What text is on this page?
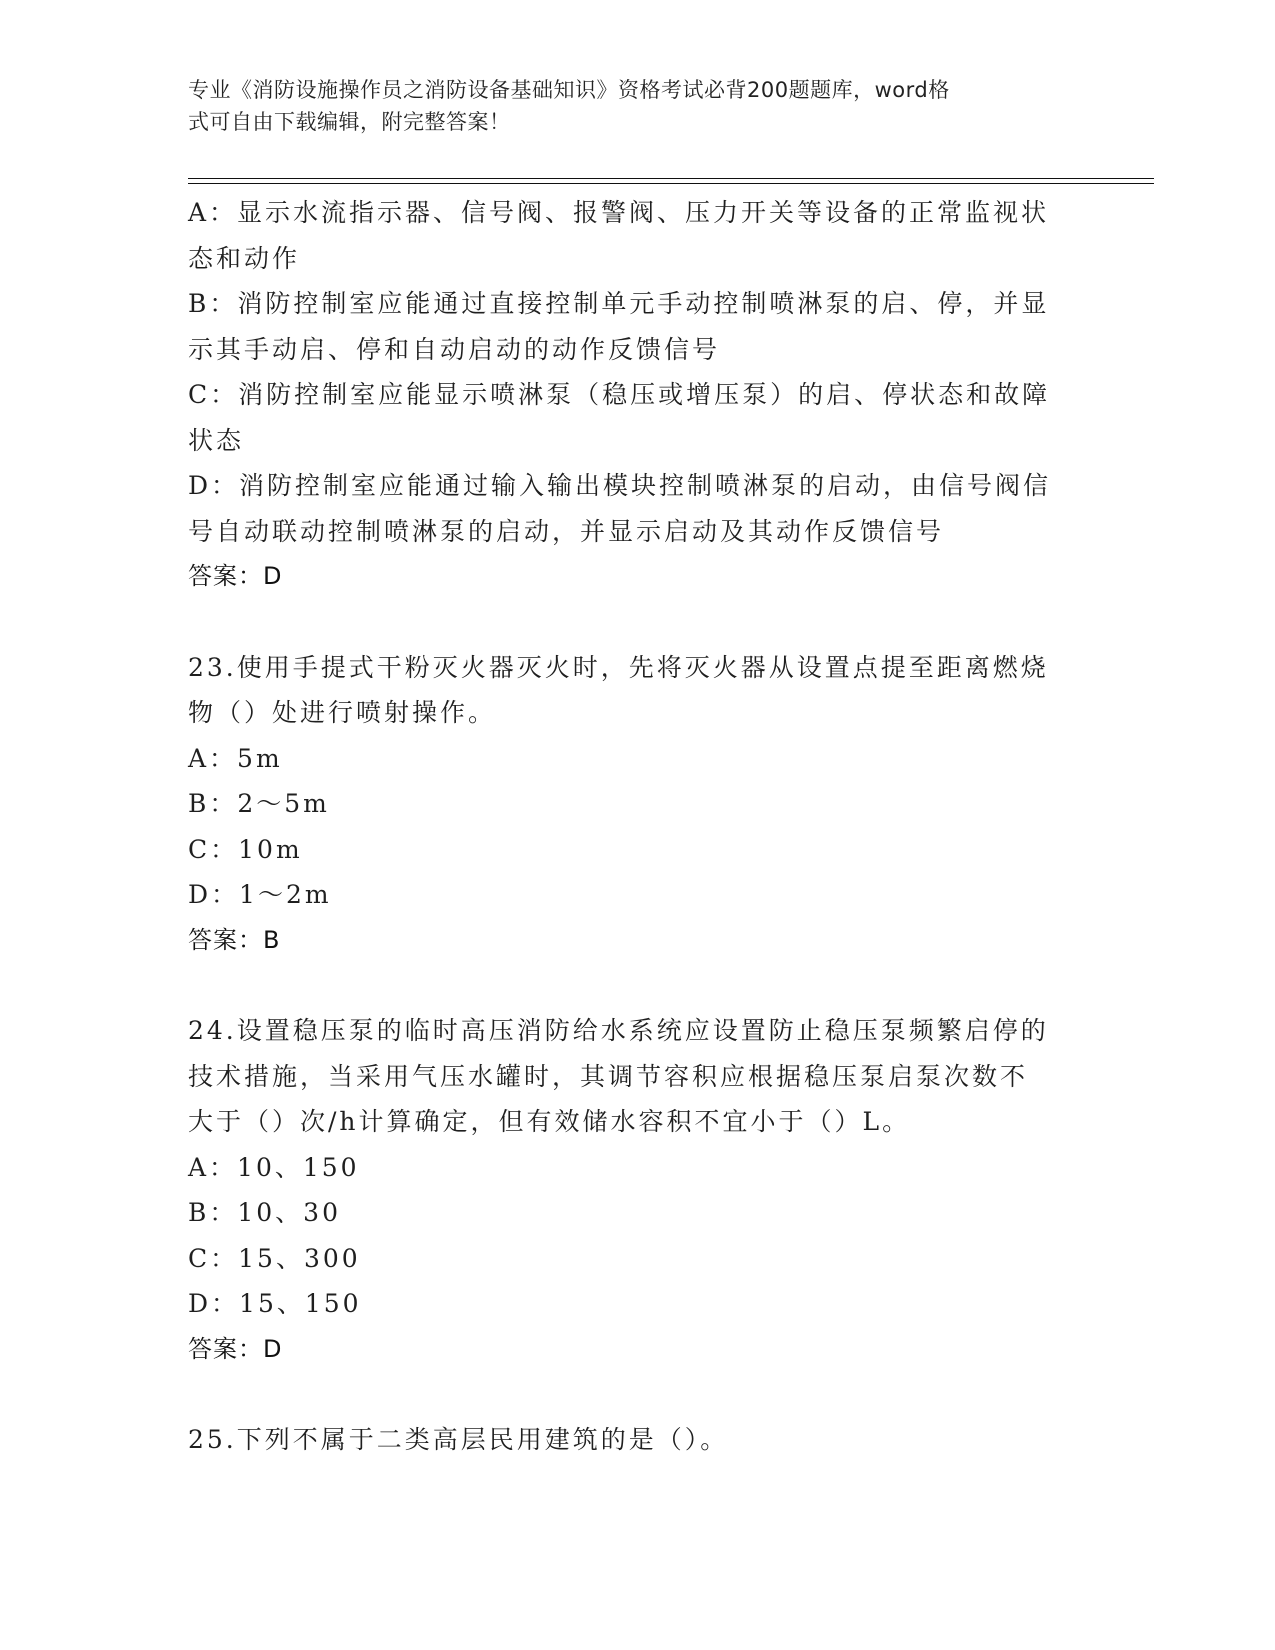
专业《消防设施操作员之消防设备基础知识》资格考试必背200题题库，word格
式可自由下载编辑，附完整答案！
A：显示水流指示器、信号阀、报警阀、压力开关等设备的正常监视状
态和动作
B：消防控制室应能通过直接控制单元手动控制喷淋泵的启、停，并显
示其手动启、停和自动启动的动作反馈信号
C：消防控制室应能显示喷淋泵（稳压或增压泵）的启、停状态和故障
状态
D：消防控制室应能通过输入输出模块控制喷淋泵的启动，由信号阀信
号自动联动控制喷淋泵的启动，并显示启动及其动作反馈信号
答案：D
23.使用手提式干粉灭火器灭火时，先将灭火器从设置点提至距离燃烧
物（）处进行喷射操作。
A：5m
B：2～5m
C：10m
D：1～2m
答案：B
24.设置稳压泵的临时高压消防给水系统应设置防止稳压泵频繁启停的
技术措施，当采用气压水罐时，其调节容积应根据稳压泵启泵次数不
大于（）次/h计算确定，但有效储水容积不宜小于（）L。
A：10、150
B：10、30
C：15、300
D：15、150
答案：D
25.下列不属于二类高层民用建筑的是（）。
